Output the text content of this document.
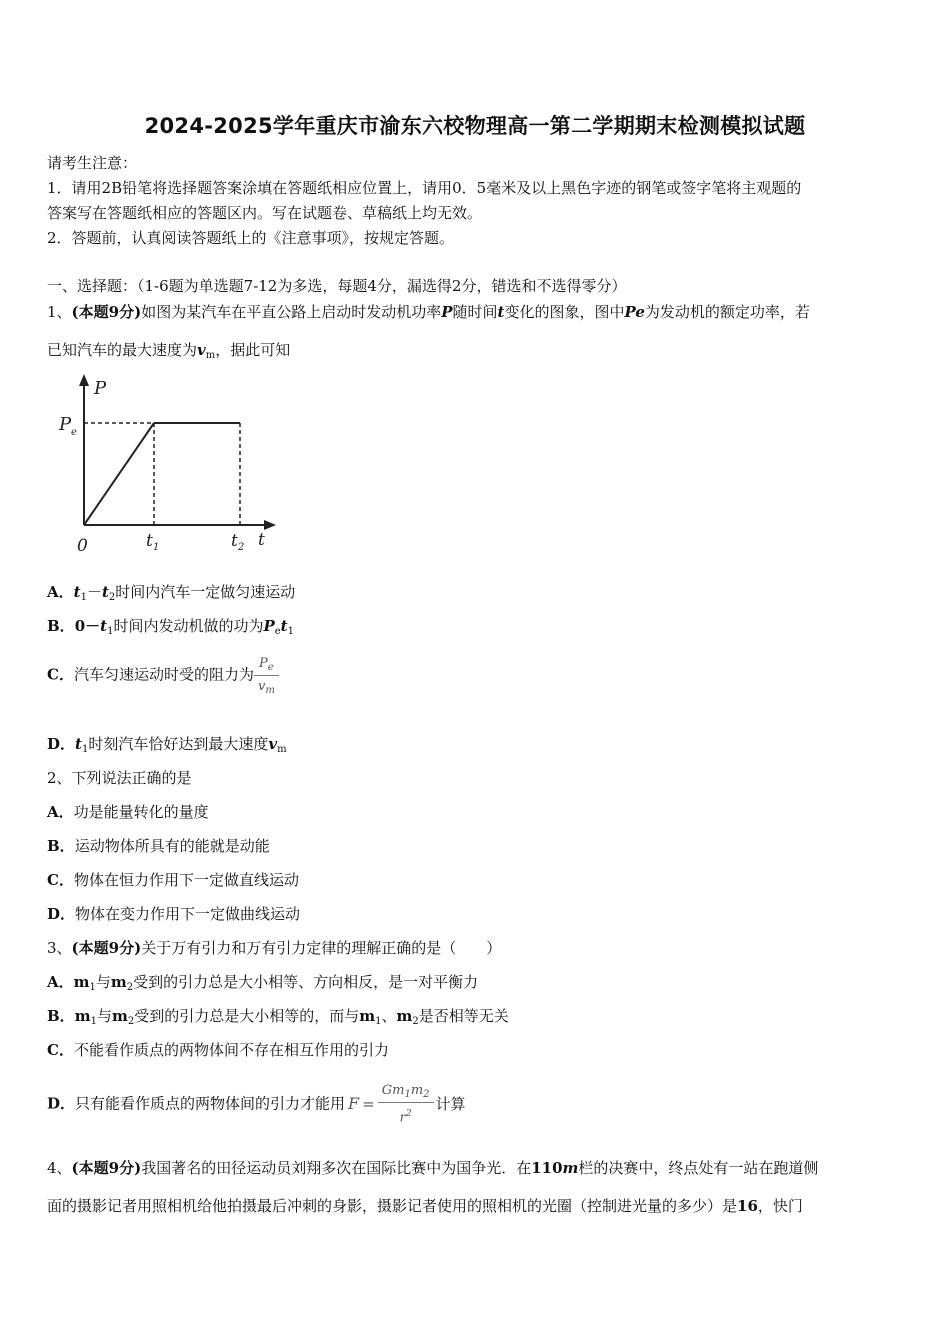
2024-2025学年重庆市渝东六校物理高一第二学期期末检测模拟试题
请考生注意：
1．请用2B铅笔将选择题答案涂填在答题纸相应位置上，请用0．5毫米及以上黑色字迹的钢笔或签字笔将主观题的
答案写在答题纸相应的答题区内。写在试题卷、草稿纸上均无效。
2．答题前，认真阅读答题纸上的《注意事项》，按规定答题。
一、选择题：（1-6题为单选题7-12为多选，每题4分，漏选得2分，错选和不选得零分）
1、(本题9分)如图为某汽车在平直公路上启动时发动机功率P随时间t变化的图象，图中Pe为发动机的额定功率，若
已知汽车的最大速度为$v_m$，据此可知
P
P e
0	t 1	t 2 t
A．$t_1-t_2$时间内汽车一定做匀速运动
B．$0-t_1$时间内发动机做的功为$P_et_1$
C．汽车匀速运动时受的阻力为 $\frac{P_e}{v_m}$
D．$t_1$时刻汽车恰好达到最大速度$v_m$
2、下列说法正确的是
A．功是能量转化的量度
B．运动物体所具有的能就是动能
C．物体在恒力作用下一定做直线运动
D．物体在变力作用下一定做曲线运动
3、(本题9分)关于万有引力和万有引力定律的理解正确的是（　　）
A．$m_1$与$m_2$受到的引力总是大小相等、方向相反，是一对平衡力
B．$m_1$与$m_2$受到的引力总是大小相等的，而与$m_1$、$m_2$是否相等无关
C．不能看作质点的两物体间不存在相互作用的引力
D．只有能看作质点的两物体间的引力才能用 $F = \frac{Gm_1m_2}{r^2}$ 计算
4、(本题9分)我国著名的田径运动员刘翔多次在国际比赛中为国争光．在110m栏的决赛中，终点处有一站在跑道侧
面的摄影记者用照相机给他拍摄最后冲刺的身影，摄影记者使用的照相机的光圈（控制进光量的多少）是16，快门
